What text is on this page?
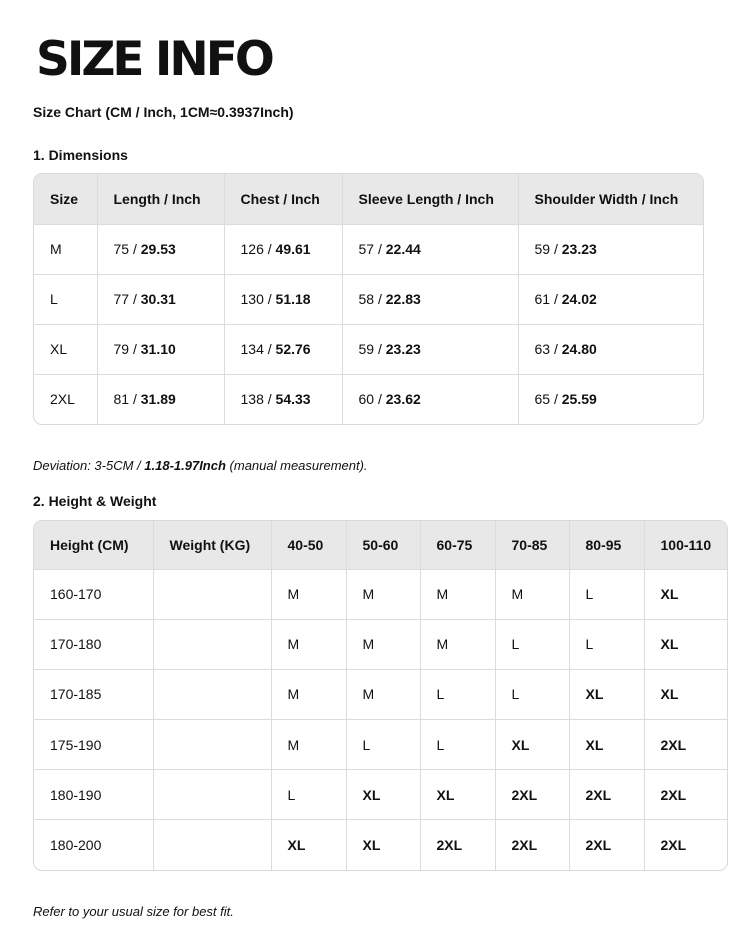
SIZE INFO
Size Chart (CM / Inch, 1CM≈0.3937Inch)
1. Dimensions
Size	Length / Inch	Chest / Inch	Sleeve Length / Inch	Shoulder Width / Inch
M	75 / 29.53	126 / 49.61	57 / 22.44	59 / 23.23
L	77 / 30.31	130 / 51.18	58 / 22.83	61 / 24.02
XL	79 / 31.10	134 / 52.76	59 / 23.23	63 / 24.80
2XL	81 / 31.89	138 / 54.33	60 / 23.62	65 / 25.59
Deviation: 3-5CM / 1.18-1.97Inch (manual measurement).
2. Height & Weight
Height (CM)	Weight (KG)	40-50	50-60	60-75	70-85	80-95	100-110
160-170		M	M	M	M	L	XL
170-180		M	M	M	L	L	XL
170-185		M	M	L	L	XL	XL
175-190		M	L	L	XL	XL	2XL
180-190		L	XL	XL	2XL	2XL	2XL
180-200		XL	XL	2XL	2XL	2XL	2XL
Refer to your usual size for best fit.
